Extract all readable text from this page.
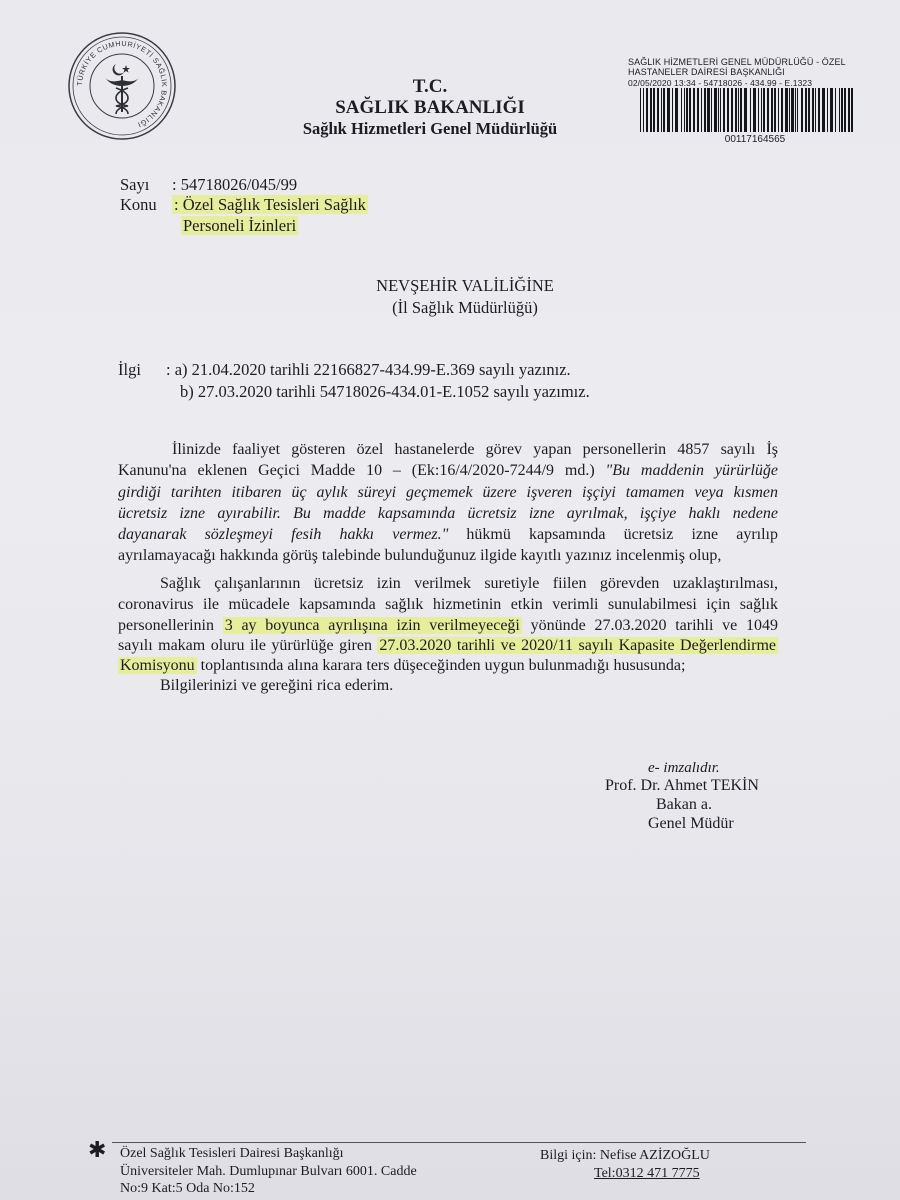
TÜRKİYE CUMHURİYETİ SAĞLIK BAKANLIĞI
T.C.
SAĞLIK BAKANLIĞI
Sağlık Hizmetleri Genel Müdürlüğü
SAĞLIK HİZMETLERİ GENEL MÜDÜRLÜĞÜ - ÖZEL
HASTANELER DAİRESİ BAŞKANLIĞI
02/05/2020 13:34 - 54718026 - 434.99 - E.1323
00117164565
Sayı : 54718026/045/99
Konu : Özel Sağlık Tesisleri Sağlık
Personeli İzinleri
NEVŞEHİR VALİLİĞİNE
(İl Sağlık Müdürlüğü)
İlgi : a) 21.04.2020 tarihli 22166827-434.99-E.369 sayılı yazınız.
b) 27.03.2020 tarihli 54718026-434.01-E.1052 sayılı yazımız.
İlinizde faaliyet gösteren özel hastanelerde görev yapan personellerin 4857 sayılı İş
Kanunu'na eklenen Geçici Madde 10 – (Ek:16/4/2020-7244/9 md.) "Bu maddenin yürürlüğe
girdiği tarihten itibaren üç aylık süreyi geçmemek üzere işveren işçiyi tamamen veya kısmen
ücretsiz izne ayırabilir. Bu madde kapsamında ücretsiz izne ayrılmak, işçiye haklı nedene
dayanarak sözleşmeyi fesih hakkı vermez." hükmü kapsamında ücretsiz izne ayrılıp
ayrılamayacağı hakkında görüş talebinde bulunduğunuz ilgide kayıtlı yazınız incelenmiş olup,
Sağlık çalışanlarının ücretsiz izin verilmek suretiyle fiilen görevden uzaklaştırılması,
coronavirus ile mücadele kapsamında sağlık hizmetinin etkin verimli sunulabilmesi için sağlık
personellerinin 3 ay boyunca ayrılışına izin verilmeyeceği yönünde 27.03.2020 tarihli ve 1049
sayılı makam oluru ile yürürlüğe giren 27.03.2020 tarihli ve 2020/11 sayılı Kapasite Değerlendirme
Komisyonu toplantısında alına karara ters düşeceğinden uygun bulunmadığı hususunda;
Bilgilerinizi ve gereğini rica ederim.
e- imzalıdır.
Prof. Dr. Ahmet TEKİN
Bakan a.
Genel Müdür
✱ Özel Sağlık Tesisleri Dairesi Başkanlığı
Üniversiteler Mah. Dumlupınar Bulvarı 6001. Cadde
No:9 Kat:5 Oda No:152
Bilgi için: Nefise AZİZOĞLU
Tel:0312 471 7775
